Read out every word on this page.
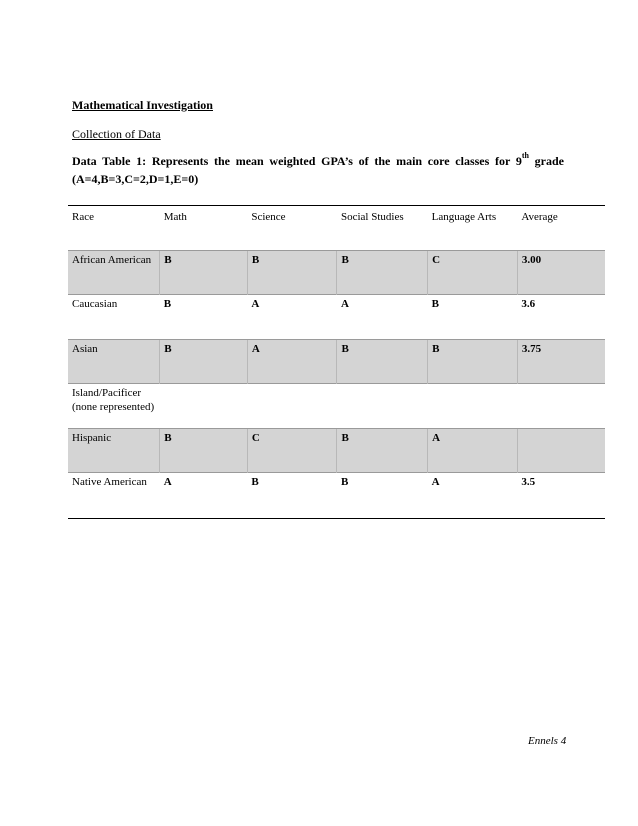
Mathematical Investigation
Collection of Data
Data Table 1: Represents the mean weighted GPA’s of the main core classes for 9th grade
(A=4,B=3,C=2,D=1,E=0)
Race	Math	Science	Social Studies	Language Arts	Average
African American	B	B	B	C	3.00
Caucasian	B	A	A	B	3.6
Asian	B	A	B	B	3.75
Island/Pacificer (none represented)					
Hispanic	B	C	B	A	
Native American	A	B	B	A	3.5
Ennels 4
